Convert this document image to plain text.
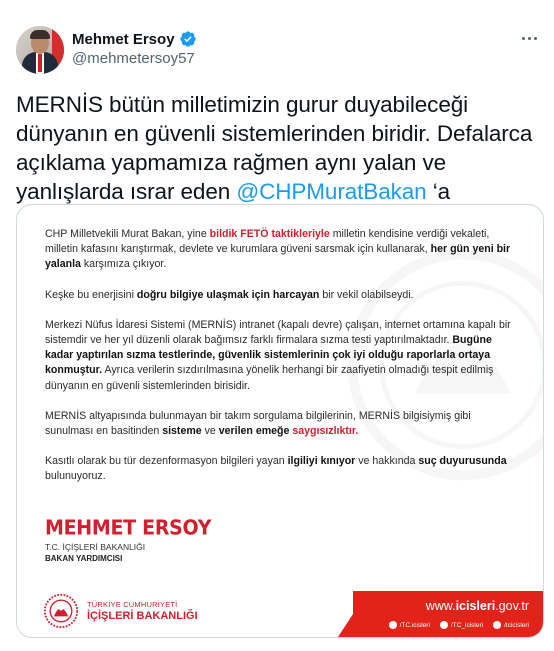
Mehmet Ersoy
@mehmetersoy57
MERNİS bütün milletimizin gurur duyabileceği dünyanın en güvenli sistemlerinden biridir. Defalarca açıklama yapmamıza rağmen aynı yalan ve yanlışlarda ısrar eden @CHPMuratBakan ‘a

CHP Milletvekili Murat Bakan, yine bildik FETÖ taktikleriyle milletin kendisine verdiği vekaleti, milletin kafasını karıştırmak, devlete ve kurumlara güveni sarsmak için kullanarak, her gün yeni bir yalanla karşımıza çıkıyor.

Keşke bu enerjisini doğru bilgiye ulaşmak için harcayan bir vekil olabilseydi.

Merkezi Nüfus İdaresi Sistemi (MERNİS) intranet (kapalı devre) çalışan, internet ortamına kapalı bir sistemdir ve her yıl düzenli olarak bağımsız farklı firmalara sızma testi yaptırılmaktadır. Bugüne kadar yaptırılan sızma testlerinde, güvenlik sistemlerinin çok iyi olduğu raporlarla ortaya konmuştur. Ayrıca verilerin sızdırılmasına yönelik herhangi bir zaafiyetin olmadığı tespit edilmiş dünyanın en güvenli sistemlerinden birisidir.

MERNİS altyapısında bulunmayan bir takım sorgulama bilgilerinin, MERNİS bilgisiymiş gibi sunulması en basitinden sisteme ve verilen emeğe saygısızlıktır.

Kasıtlı olarak bu tür dezenformasyon bilgileri yayan ilgiliyi kınıyor ve hakkında suç duyurusunda bulunuyoruz.

MEHMET ERSOY
T.C. İÇİŞLERİ BAKANLIĞI
BAKAN YARDIMCISI
TÜRKİYE CUMHURİYETİ
İÇİŞLERİ BAKANLIĞI
www.icisleri.gov.tr
/TC.icisleri	/TC_icisleri	/tcicisleri
